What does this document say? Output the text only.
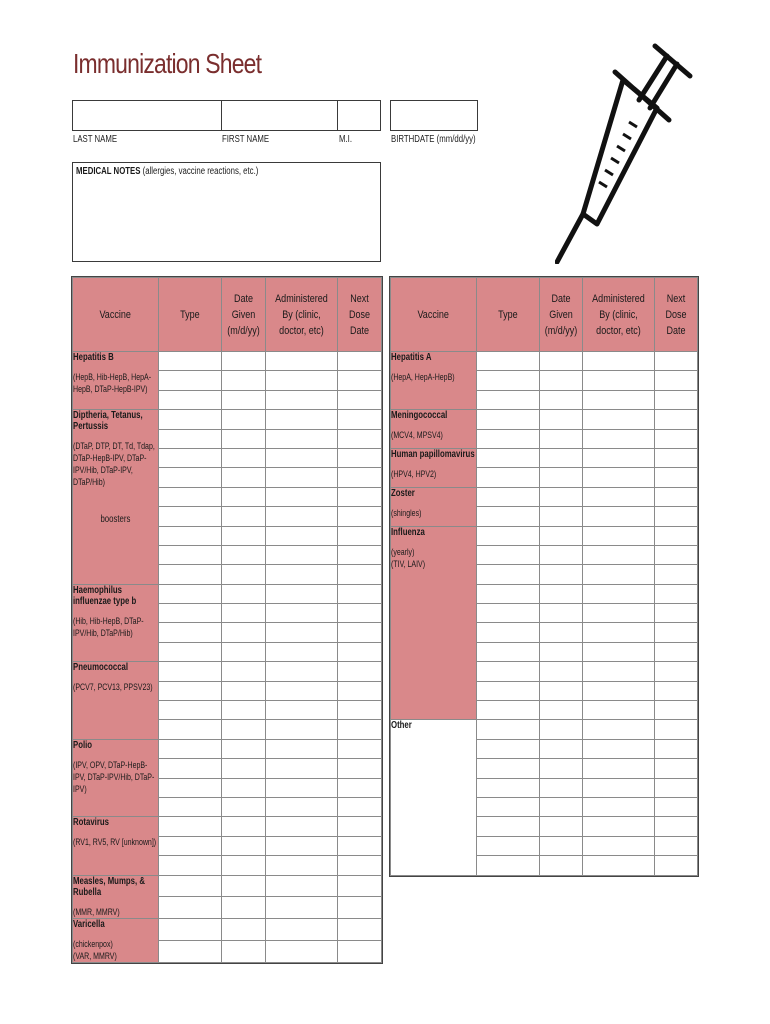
Immunization Sheet
LAST NAME	FIRST NAME	M.I.	BIRTHDATE (mm/dd/yy)
MEDICAL NOTES (allergies, vaccine reactions, etc.)
Vaccine	Type	Date Given (m/d/yy)	Administered By (clinic, doctor, etc)	Next Dose Date

Hepatitis B
(HepB, Hib-HepB, HepA-HepB, DTaP-HepB-IPV)				

Diptheria, Tetanus, Pertussis
(DTaP, DTP, DT, Td, Tdap, DTaP-HepB-IPV, DTaP-IPV/Hib, DTaP-IPV, DTaP/Hib)
boosters				

Haemophilus influenzae type b
(Hib, Hib-HepB, DTaP-IPV/Hib, DTaP/Hib)				

Pneumococcal
(PCV7, PCV13, PPSV23)				

Polio
(IPV, OPV, DTaP-HepB-IPV, DTaP-IPV/Hib, DTaP-IPV)				

Rotavirus
(RV1, RV5, RV [unknown])				

Measles, Mumps, & Rubella
(MMR, MMRV)				

Varicella
(chickenpox)
(VAR, MMRV)				

Vaccine	Type	Date Given (m/d/yy)	Administered By (clinic, doctor, etc)	Next Dose Date

Hepatitis A
(HepA, HepA-HepB)				

Meningococcal
(MCV4, MPSV4)				

Human papillomavirus
(HPV4, HPV2)				

Zoster
(shingles)				

Influenza
(yearly)
(TIV, LAIV)				

Other				
